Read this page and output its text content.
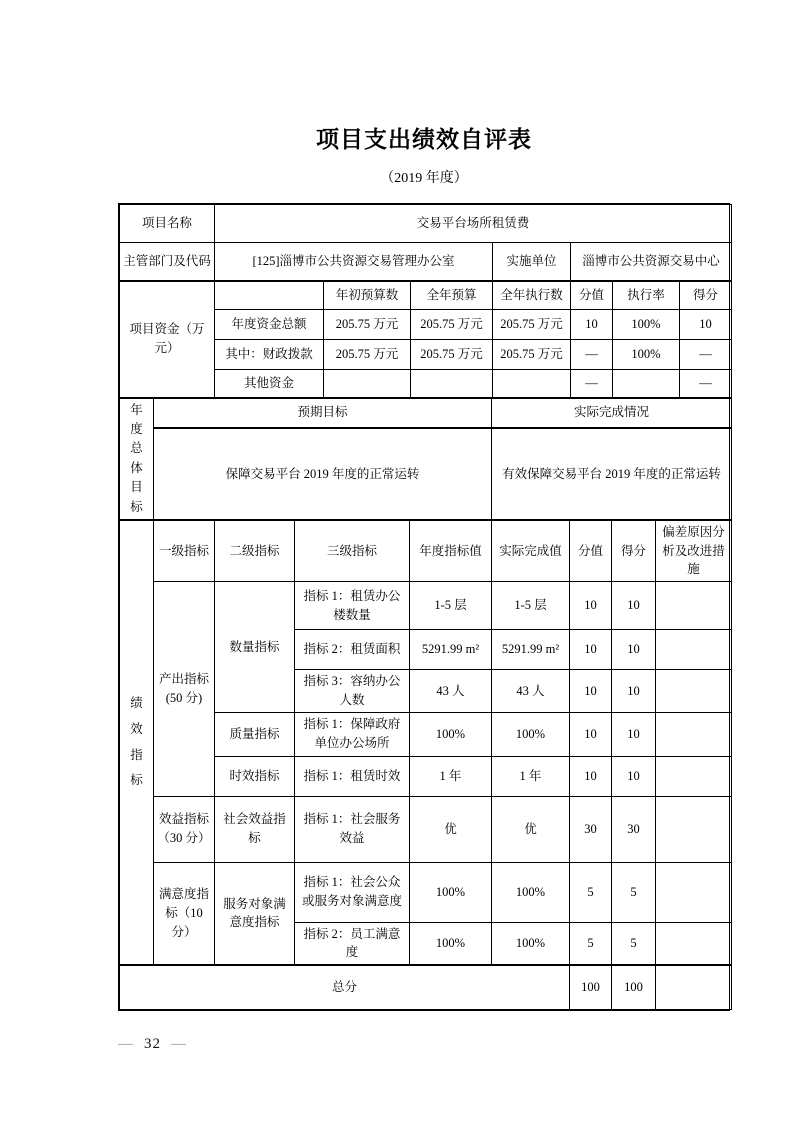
项目支出绩效自评表
（2019 年度）
项目名称	交易平台场所租赁费		
主管部门及代码	[125]淄博市公共资源交易管理办公室	实施单位	淄博市公共资源交易中心
项目资金（万元）		年初预算数	全年预算	全年执行数	分值	执行率	得分
	年度资金总额	205.75 万元	205.75 万元	205.75 万元	10	100%	10
	其中：财政拨款	205.75 万元	205.75 万元	205.75 万元	—	100%	—
	其他资金				—		—
年度总体目标	预期目标	实际完成情况
	保障交易平台 2019 年度的正常运转	有效保障交易平台 2019 年度的正常运转
绩效指标	一级指标	二级指标	三级指标	年度指标值	实际完成值	分值	得分	偏差原因分析及改进措施
	产出指标 (50 分)	数量指标	指标 1：租赁办公楼数量	1-5 层	1-5 层	10	10	
			指标 2：租赁面积	5291.99 m²	5291.99 m²	10	10	
			指标 3：容纳办公人数	43 人	43 人	10	10	
		质量指标	指标 1：保障政府单位办公场所	100%	100%	10	10	
		时效指标	指标 1：租赁时效	1 年	1 年	10	10	
	效益指标（30 分）	社会效益指标	指标 1：社会服务效益	优	优	30	30	
	满意度指标（10 分）	服务对象满意度指标	指标 1：社会公众或服务对象满意度	100%	100%	5	5	
			指标 2：员工满意度	100%	100%	5	5	
总分						100	100	
— 32 —
